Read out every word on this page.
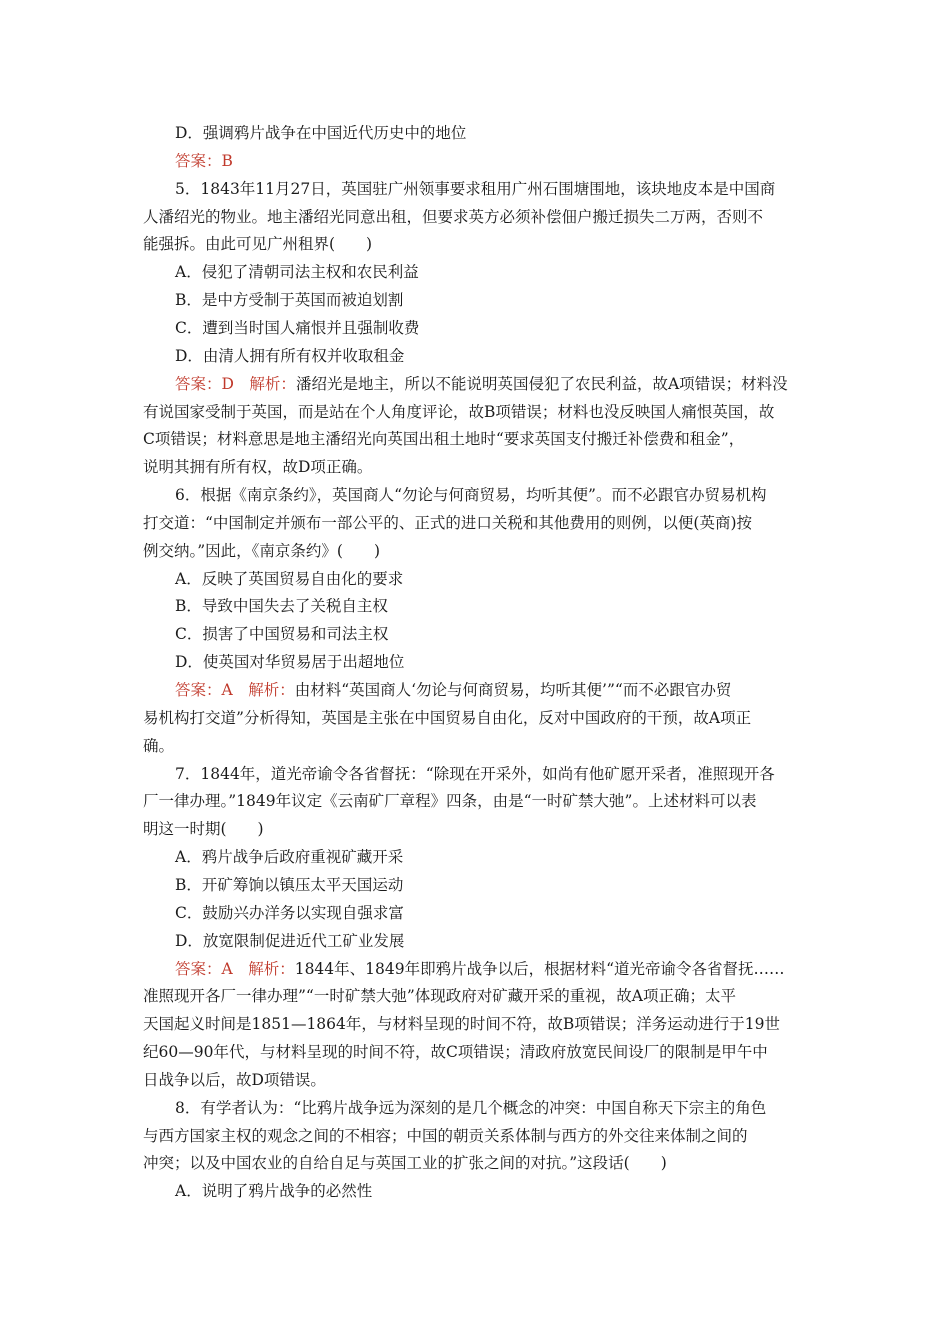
D．强调鸦片战争在中国近代历史中的地位
答案：B
5．1843年11月27日，英国驻广州领事要求租用广州石围塘围地，该块地皮本是中国商
人潘绍光的物业。地主潘绍光同意出租，但要求英方必须补偿佃户搬迁损失二万两，否则不
能强拆。由此可见广州租界(　　)
A．侵犯了清朝司法主权和农民利益
B．是中方受制于英国而被迫划割
C．遭到当时国人痛恨并且强制收费
D．由清人拥有所有权并收取租金
答案：D　解析：潘绍光是地主，所以不能说明英国侵犯了农民利益，故A项错误；材料没
有说国家受制于英国，而是站在个人角度评论，故B项错误；材料也没反映国人痛恨英国，故
C项错误；材料意思是地主潘绍光向英国出租土地时“要求英国支付搬迁补偿费和租金”，
说明其拥有所有权，故D项正确。
6．根据《南京条约》，英国商人“勿论与何商贸易，均听其便”。而不必跟官办贸易机构
打交道：“中国制定并颁布一部公平的、正式的进口关税和其他费用的则例，以便(英商)按
例交纳。”因此，《南京条约》(　　)
A．反映了英国贸易自由化的要求
B．导致中国失去了关税自主权
C．损害了中国贸易和司法主权
D．使英国对华贸易居于出超地位
答案：A　解析：由材料“英国商人‘勿论与何商贸易，均听其便’”“而不必跟官办贸
易机构打交道”分析得知，英国是主张在中国贸易自由化，反对中国政府的干预，故A项正
确。
7．1844年，道光帝谕令各省督抚：“除现在开采外，如尚有他矿愿开采者，准照现开各
厂一律办理。”1849年议定《云南矿厂章程》四条，由是“一时矿禁大弛”。上述材料可以表
明这一时期(　　)
A．鸦片战争后政府重视矿藏开采
B．开矿筹饷以镇压太平天国运动
C．鼓励兴办洋务以实现自强求富
D．放宽限制促进近代工矿业发展
答案：A　解析：1844年、1849年即鸦片战争以后，根据材料“道光帝谕令各省督抚……
准照现开各厂一律办理”“一时矿禁大弛”体现政府对矿藏开采的重视，故A项正确；太平
天国起义时间是1851—1864年，与材料呈现的时间不符，故B项错误；洋务运动进行于19世
纪60—90年代，与材料呈现的时间不符，故C项错误；清政府放宽民间设厂的限制是甲午中
日战争以后，故D项错误。
8．有学者认为：“比鸦片战争远为深刻的是几个概念的冲突：中国自称天下宗主的角色
与西方国家主权的观念之间的不相容；中国的朝贡关系体制与西方的外交往来体制之间的
冲突；以及中国农业的自给自足与英国工业的扩张之间的对抗。”这段话(　　)
A．说明了鸦片战争的必然性
